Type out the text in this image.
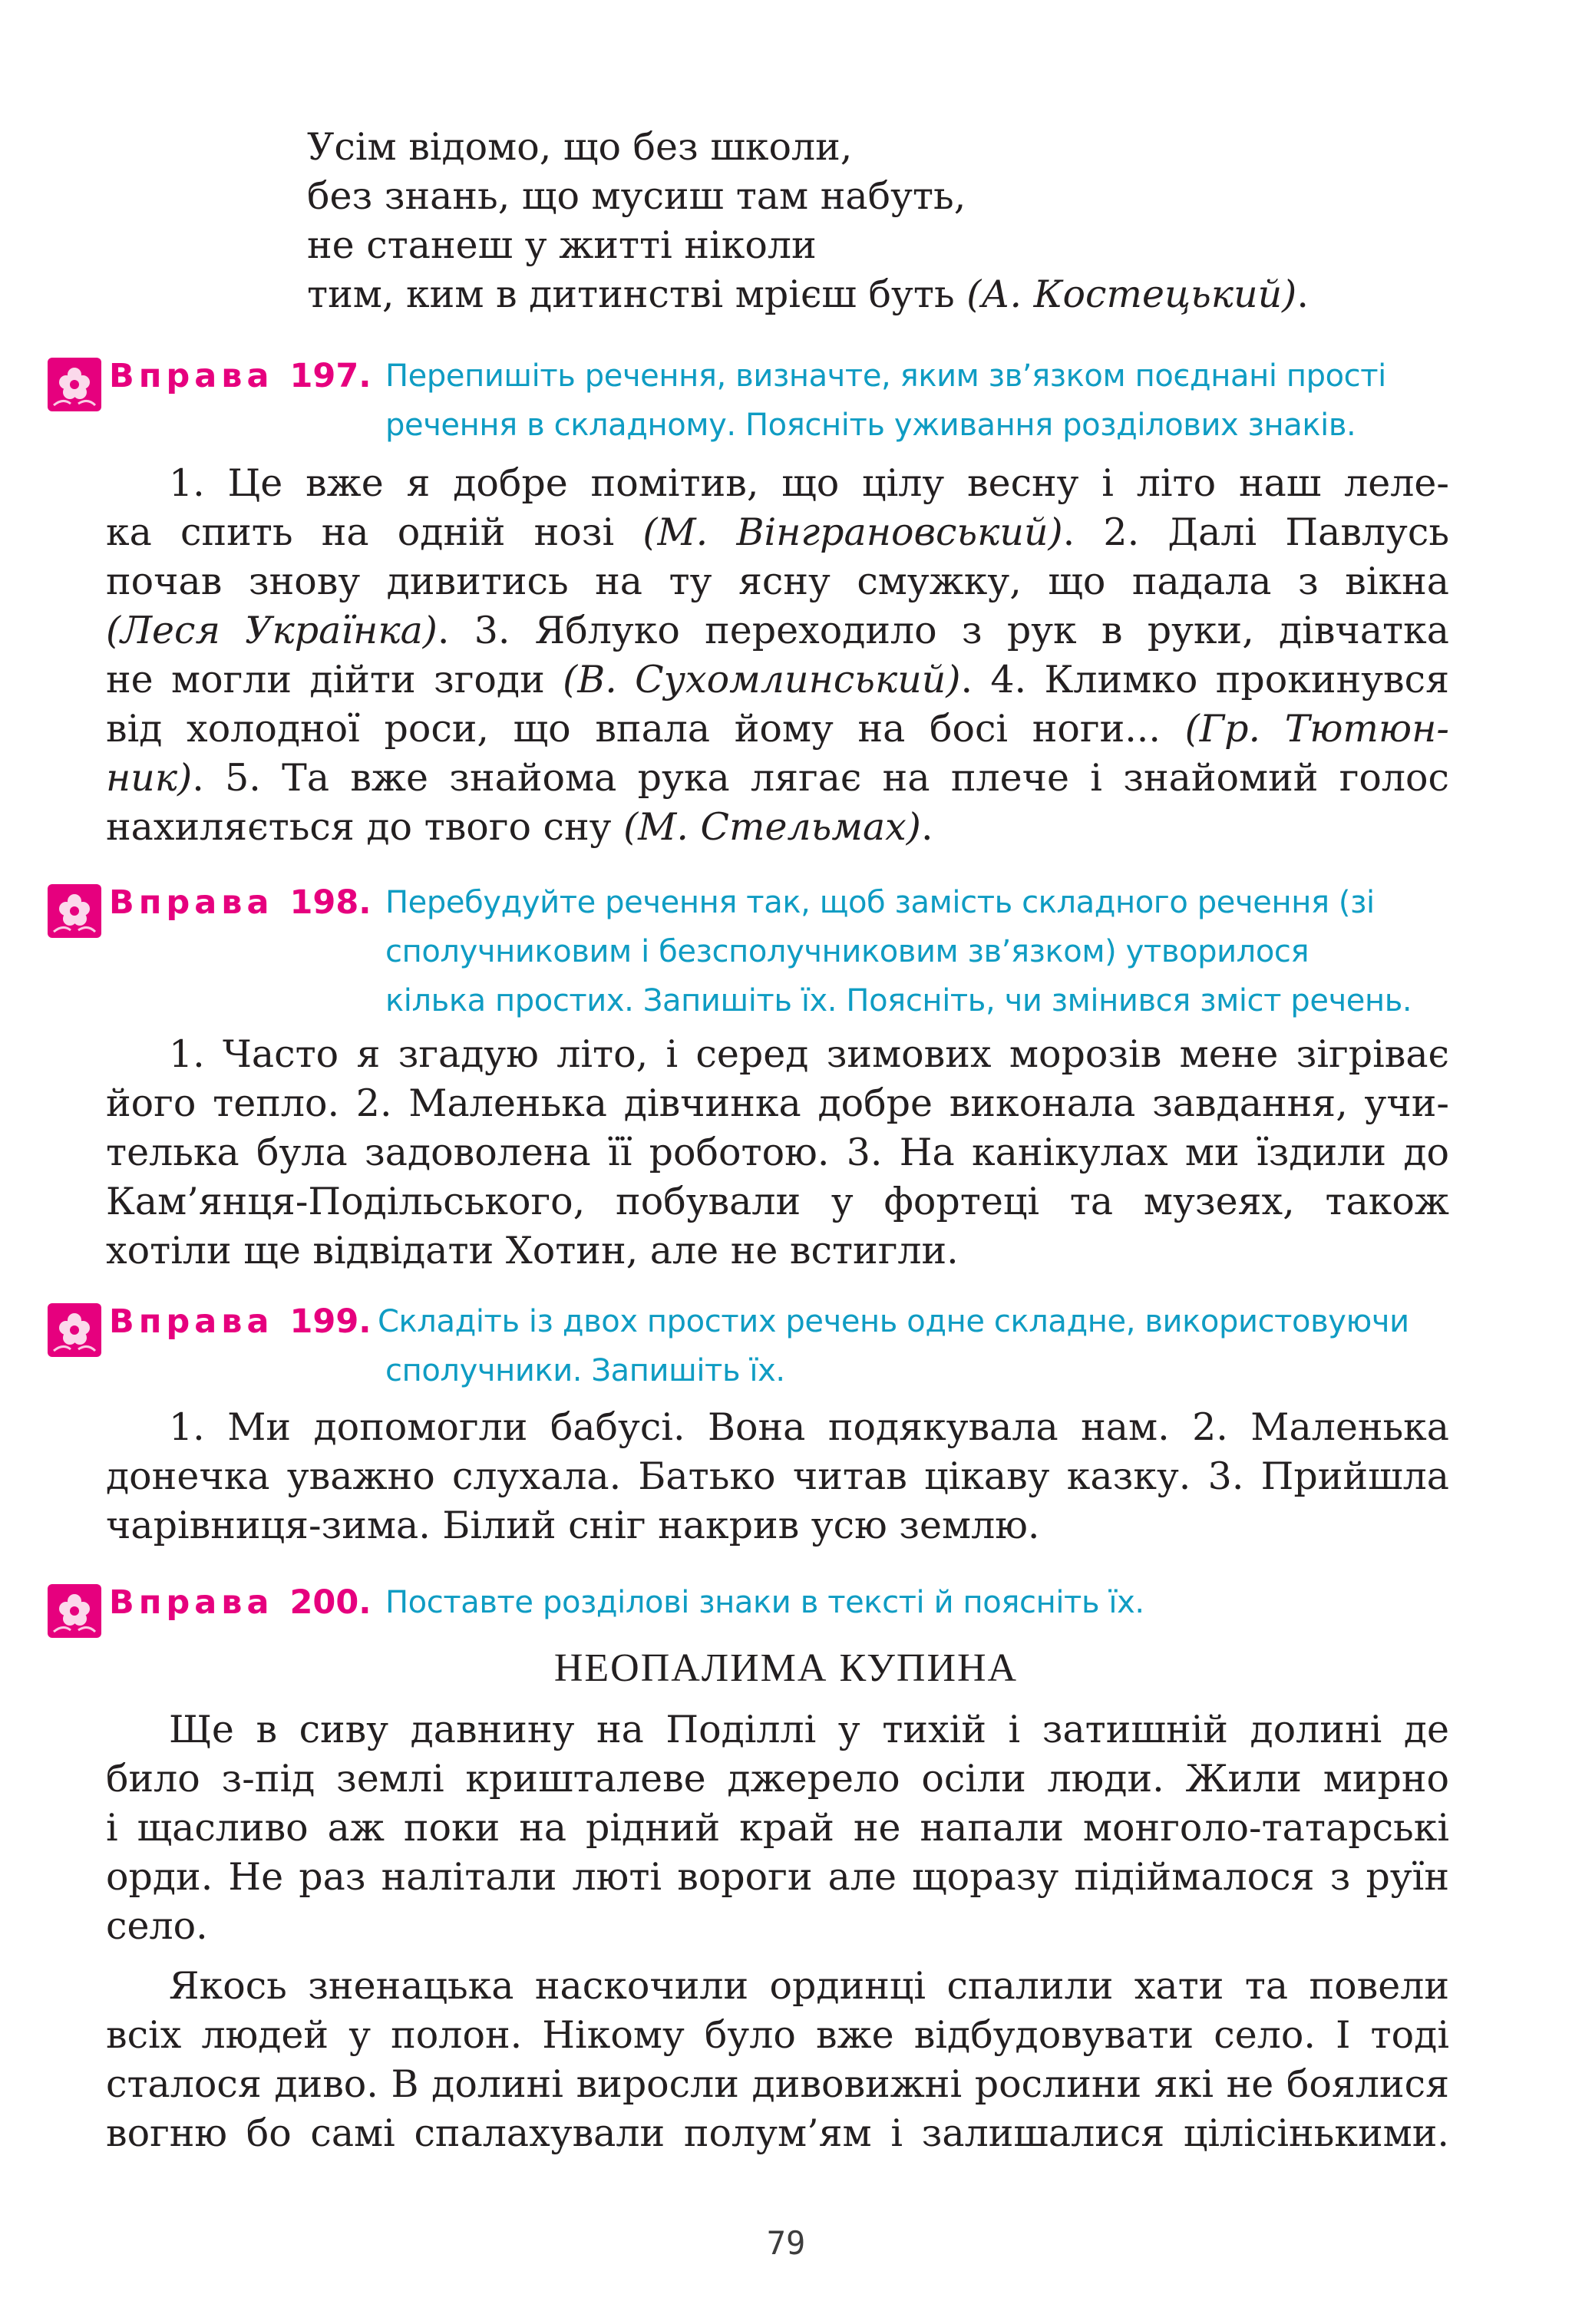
Усім відомо, що без школи,
без знань, що мусиш там набуть,
не станеш у житті ніколи
тим, ким в дитинстві мрієш буть (А. Костецький).
Вправа 197. Перепишіть речення, визначте, яким зв’язком поєднані прості
речення в складному. Поясніть уживання розділових знаків.
1. Це вже я добре помітив, що цілу весну і літо наш леле-
ка спить на одній нозі (М. Вінграновський). 2. Далі Павлусь
почав знову дивитись на ту ясну смужку, що падала з вікна
(Леся Українка). 3. Яблуко переходило з рук в руки, дівчатка
не могли дійти згоди (В. Сухомлинський). 4. Климко прокинувся
від холодної роси, що впала йому на босі ноги... (Гр. Тютюн-
ник). 5. Та вже знайома рука лягає на плече і знайомий голос
нахиляється до твого сну (М. Стельмах).
Вправа 198. Перебудуйте речення так, щоб замість складного речення (зі
сполучниковим і безсполучниковим зв’язком) утворилося
кілька простих. Запишіть їх. Поясніть, чи змінився зміст речень.
1. Часто я згадую літо, і серед зимових морозів мене зігріває
його тепло. 2. Маленька дівчинка добре виконала завдання, учи-
телька була задоволена її роботою. 3. На канікулах ми їздили до
Кам’янця-Подільського, побували у фортеці та музеях, також
хотіли ще відвідати Хотин, але не встигли.
Вправа 199. Складіть із двох простих речень одне складне, використовуючи
сполучники. Запишіть їх.
1. Ми допомогли бабусі. Вона подякувала нам. 2. Маленька
донечка уважно слухала. Батько читав цікаву казку. 3. Прийшла
чарівниця-зима. Білий сніг накрив усю землю.
Вправа 200. Поставте розділові знаки в тексті й поясніть їх.
НЕОПАЛИМА КУПИНА
Ще в сиву давнину на Поділлі у тихій і затишній долині де
било з-під землі кришталеве джерело осіли люди. Жили мирно
і щасливо аж поки на рідний край не напали монголо-татарські
орди. Не раз налітали люті вороги але щоразу підіймалося з руїн
село.
Якось зненацька наскочили ординці спалили хати та повели
всіх людей у полон. Нікому було вже відбудовувати село. І тоді
сталося диво. В долині виросли дивовижні рослини які не боялися
вогню бо самі спалахували полум’ям і залишалися цілісінькими.
79
